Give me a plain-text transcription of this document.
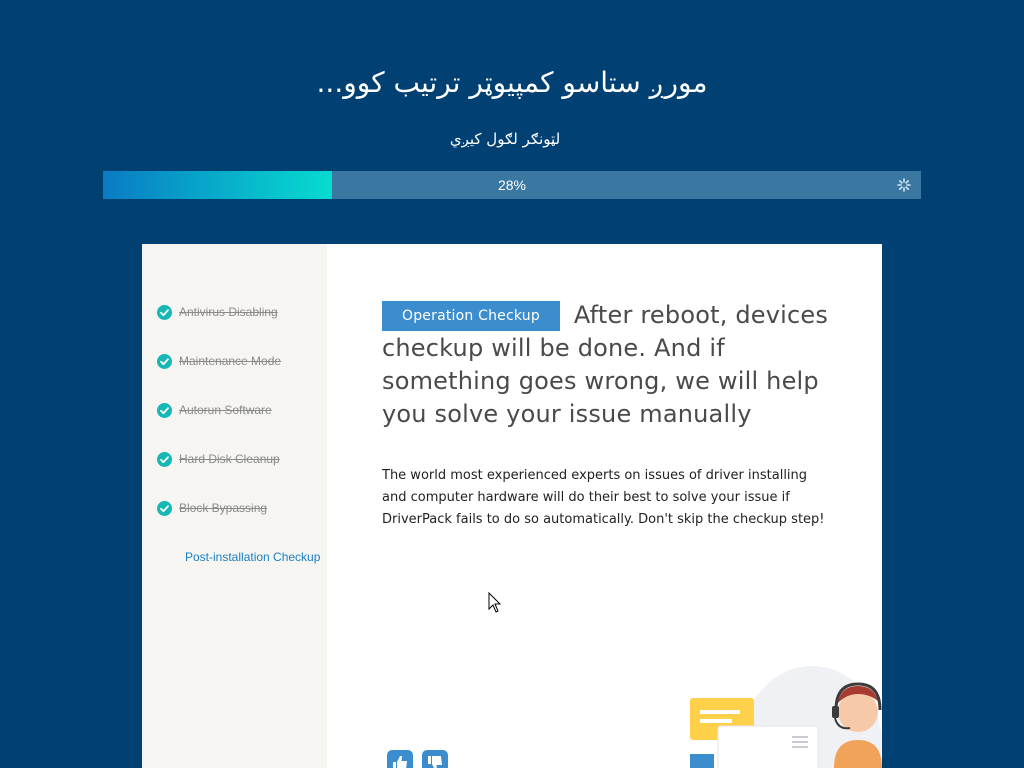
...مورږ ستاسو کمپیوټر ترتیب کوو
لټونګر لګول کیږي
28%
Antivirus Disabling
Maintenance Mode
Autorun Software
Hard Disk Cleanup
Block Bypassing
Post-installation Checkup
Operation Checkup After reboot, devices checkup will be done. And if something goes wrong, we will help you solve your issue manually
The world most experienced experts on issues of driver installing and computer hardware will do their best to solve your issue if DriverPack fails to do so automatically. Don't skip the checkup step!
